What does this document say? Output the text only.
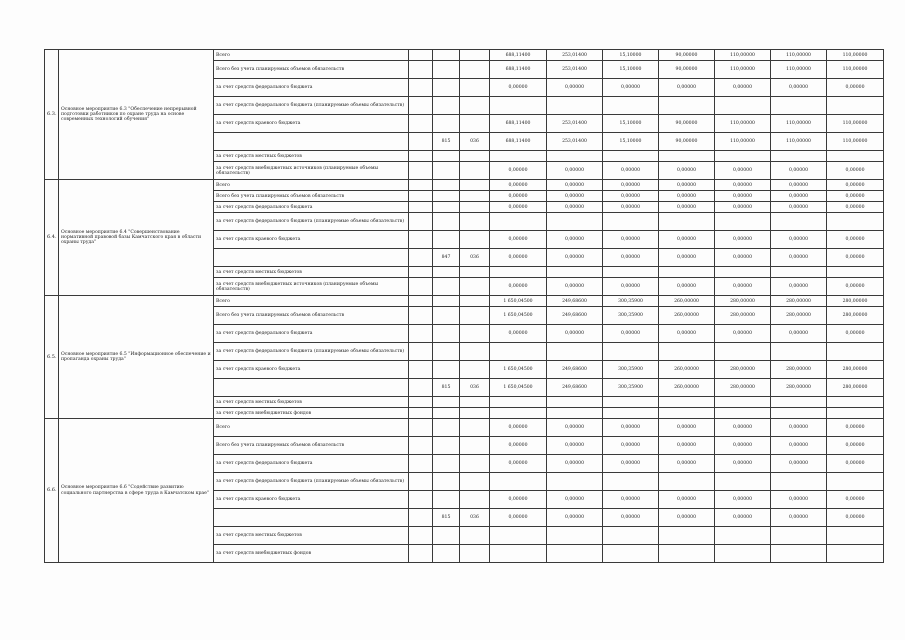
6.3.	Основное мероприятие 6.3 "Обеспечение непрерывной подготовки работников по охране труда на основе современных технологий обучения"	Всего				688,11400	253,01400	15,10000	90,00000	110,00000	110,00000	110,00000
		Всего без учета планируемых объемов обязательств				688,11400	253,01400	15,10000	90,00000	110,00000	110,00000	110,00000
		за счет средств федерального бюджета				0,00000	0,00000	0,00000	0,00000	0,00000	0,00000	0,00000
		за счет средств федерального бюджета (планируемые объемы обязательств)										
		за счет средств краевого бюджета				688,11400	253,01400	15,10000	90,00000	110,00000	110,00000	110,00000
				815	036	688,11400	253,01400	15,10000	90,00000	110,00000	110,00000	110,00000
		за счет средств местных бюджетов										
		за счет средств внебюджетных источников (планируемые объемы обязательств)				0,00000	0,00000	0,00000	0,00000	0,00000	0,00000	0,00000
6.4.	Основное мероприятие 6.4 "Совершенствование нормативной правовой базы Камчатского края в области охраны труда"	Всего				0,00000	0,00000	0,00000	0,00000	0,00000	0,00000	0,00000
		Всего без учета планируемых объемов обязательств				0,00000	0,00000	0,00000	0,00000	0,00000	0,00000	0,00000
		за счет средств федерального бюджета				0,00000	0,00000	0,00000	0,00000	0,00000	0,00000	0,00000
		за счет средств федерального бюджета (планируемые объемы обязательств)										
		за счет средств краевого бюджета				0,00000	0,00000	0,00000	0,00000	0,00000	0,00000	0,00000
				847	036	0,00000	0,00000	0,00000	0,00000	0,00000	0,00000	0,00000
		за счет средств местных бюджетов										
		за счет средств внебюджетных источников (планируемые объемы обязательств)				0,00000	0,00000	0,00000	0,00000	0,00000	0,00000	0,00000
6.5.	Основное мероприятие 6.5 "Информационное обеспечение и пропаганда охраны труда"	Всего				1 650,04500	249,68600	300,35900	260,00000	280,00000	280,00000	280,00000
		Всего без учета планируемых объемов обязательств				1 650,04500	249,68600	300,35900	260,00000	280,00000	280,00000	280,00000
		за счет средств федерального бюджета				0,00000	0,00000	0,00000	0,00000	0,00000	0,00000	0,00000
		за счет средств федерального бюджета (планируемые объемы обязательств)										
		за счет средств краевого бюджета				1 650,04500	249,68600	300,35900	260,00000	280,00000	280,00000	280,00000
				815	036	1 650,04500	249,68600	300,35900	260,00000	280,00000	280,00000	280,00000
		за счет средств местных бюджетов										
		за счет средств внебюджетных фондов										
6.6.	Основное мероприятие 6.6 "Содействие развитию социального партнерства в сфере труда в Камчатском крае"	Всего				0,00000	0,00000	0,00000	0,00000	0,00000	0,00000	0,00000
		Всего без учета планируемых объемов обязательств				0,00000	0,00000	0,00000	0,00000	0,00000	0,00000	0,00000
		за счет средств федерального бюджета				0,00000	0,00000	0,00000	0,00000	0,00000	0,00000	0,00000
		за счет средств федерального бюджета (планируемые объемы обязательств)										
		за счет средств краевого бюджета				0,00000	0,00000	0,00000	0,00000	0,00000	0,00000	0,00000
				815	036	0,00000	0,00000	0,00000	0,00000	0,00000	0,00000	0,00000
		за счет средств местных бюджетов										
		за счет средств внебюджетных фондов										
